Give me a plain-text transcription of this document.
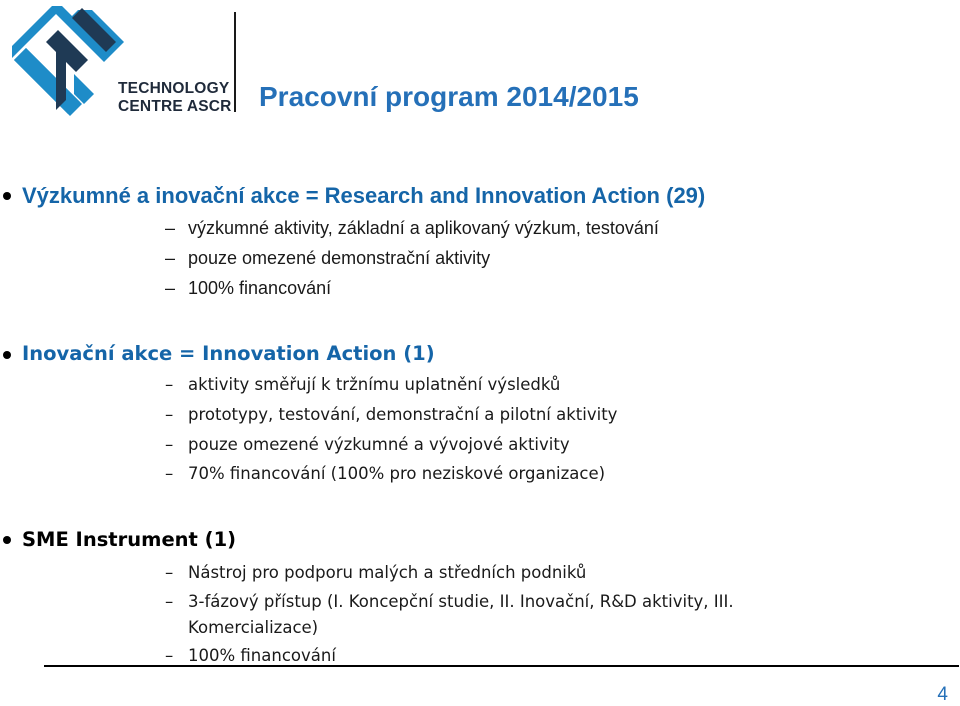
TECHNOLOGY
CENTRE ASCR Pracovní program 2014/2015
Výzkumné a inovační akce = Research and Innovation Action (29)
– výzkumné aktivity, základní a aplikovaný výzkum, testování
– pouze omezené demonstrační aktivity
– 100% financování
Inovační akce = Innovation Action (1)
– aktivity směřují k tržnímu uplatnění výsledků
– prototypy, testování, demonstrační a pilotní aktivity
– pouze omezené výzkumné a vývojové aktivity
– 70% financování (100% pro neziskové organizace)
SME Instrument (1)
– Nástroj pro podporu malých a středních podniků
– 3-fázový přístup (I. Koncepční studie, II. Inovační, R&D aktivity, III.
Komercializace)
– 100% financování
4
